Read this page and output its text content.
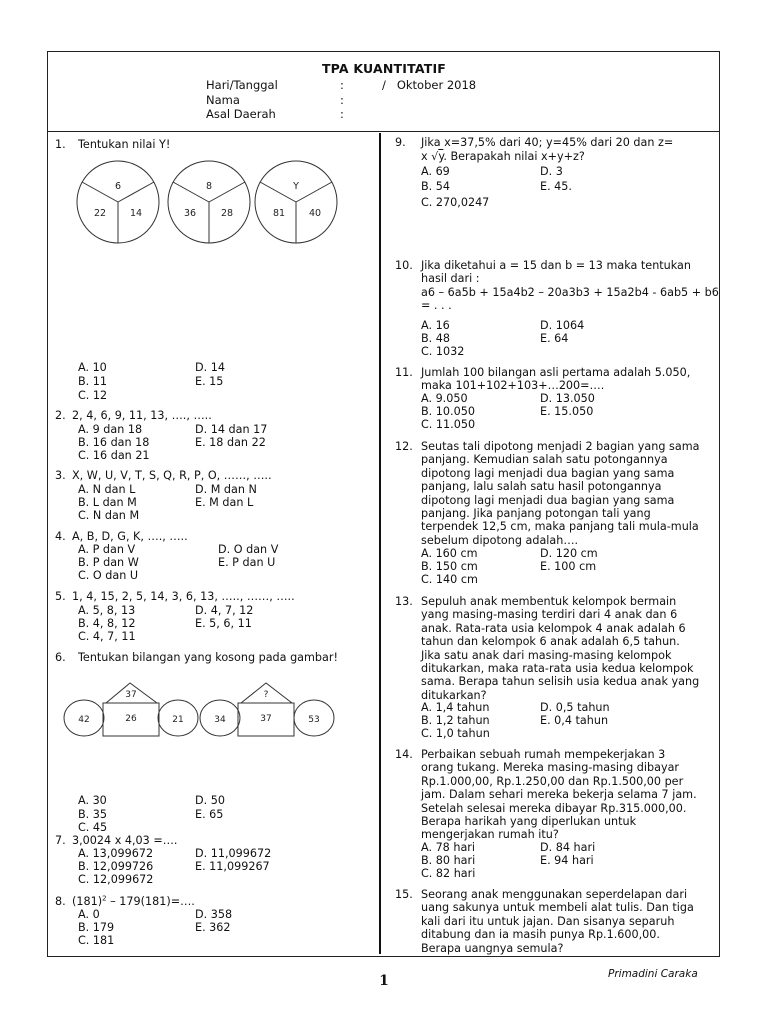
TPA KUANTITATIF
Hari/Tanggal	:	/   Oktober 2018
Nama	:
Asal Daerah	:
1. Tentukan nilai Y!
6
22	14
8
36	28
Y
81	40
A. 10
B. 11
C. 12
D. 14
E. 15
2. 2, 4, 6, 9, 11, 13, …., …..
A. 9 dan 18
B. 16 dan 18
C. 16 dan 21
D. 14 dan 17
E. 18 dan 22
3. X, W, U, V, T, S, Q, R, P, O, ……, …..
A. N dan L
B. L dan M
C. N dan M
D. M dan N
E. M dan L
4. A, B, D, G, K, …., …..
A. P dan V
B. P dan W
C. O dan U
D. O dan V
E. P dan U
5. 1, 4, 15, 2, 5, 14, 3, 6, 13, ….., ……, …..
A. 5, 8, 13
B. 4, 8, 12
C. 4, 7, 11
D. 4, 7, 12
E. 5, 6, 11
6. Tentukan bilangan yang kosong pada gambar!
42	26	21
37
34	37	53
?
A. 30
B. 35
C. 45
D. 50
E. 65
7. 3,0024 x 4,03 =….
A. 13,099672
B. 12,099726
C. 12,099672
D. 11,099672
E. 11,099267
8. $(181)^2$ – 179(181)=….
A. 0
B. 179
C. 181
D. 358
E. 362
9. Jika x=37,5% dari 40; y=45% dari 20 dan z=
x √y. Berapakah nilai x+y+z?
A. 69
B. 54
C. 270,0247
D. 3
E. 45.
10. Jika diketahui a = 15 dan b = 13 maka tentukan
hasil dari :
a6 – 6a5b + 15a4b2 – 20a3b3 + 15a2b4 - 6ab5 + b6
= . . .
A. 16
B. 48
C. 1032
D. 1064
E. 64
11. Jumlah 100 bilangan asli pertama adalah 5.050,
maka 101+102+103+…200=….
A. 9.050
B. 10.050
C. 11.050
D. 13.050
E. 15.050
12. Seutas tali dipotong menjadi 2 bagian yang sama

panjang. Kemudian salah satu potongannya

dipotong lagi menjadi dua bagian yang sama

panjang, lalu salah satu hasil potongannya

dipotong lagi menjadi dua bagian yang sama

panjang. Jika panjang potongan tali yang

terpendek 12,5 cm, maka panjang tali mula-mula

sebelum dipotong adalah….

A. 160 cm
B. 150 cm
C. 140 cm
D. 120 cm
E. 100 cm
13. Sepuluh anak membentuk kelompok bermain

yang masing-masing terdiri dari 4 anak dan 6

anak. Rata-rata usia kelompok 4 anak adalah 6

tahun dan kelompok 6 anak adalah 6,5 tahun.

Jika satu anak dari masing-masing kelompok

ditukarkan, maka rata-rata usia kedua kelompok

sama. Berapa tahun selisih usia kedua anak yang

ditukarkan?

A. 1,4 tahun
B. 1,2 tahun
C. 1,0 tahun
D. 0,5 tahun
E. 0,4 tahun
14. Perbaikan sebuah rumah mempekerjakan 3

orang tukang. Mereka masing-masing dibayar

Rp.1.000,00, Rp.1.250,00 dan Rp.1.500,00 per

jam. Dalam sehari mereka bekerja selama 7 jam.

Setelah selesai mereka dibayar Rp.315.000,00.

Berapa harikah yang diperlukan untuk

mengerjakan rumah itu?

A. 78 hari
B. 80 hari
C. 82 hari
D. 84 hari
E. 94 hari
15. Seorang anak menggunakan seperdelapan dari

uang sakunya untuk membeli alat tulis. Dan tiga

kali dari itu untuk jajan. Dan sisanya separuh

ditabung dan ia masih punya Rp.1.600,00.

Berapa uangnya semula?

Primadini Caraka
1
